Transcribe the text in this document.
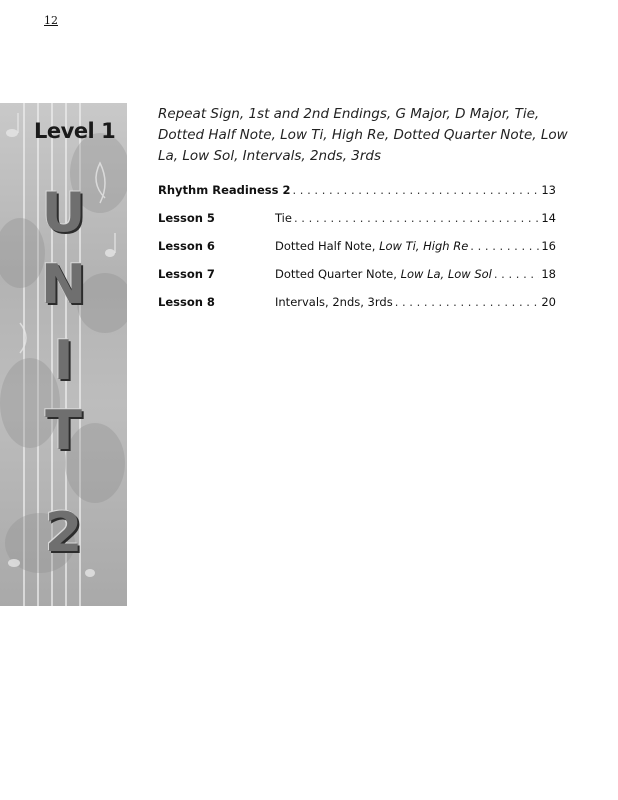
12
Level 1
U
N
I
T
2
Repeat Sign, 1st and 2nd Endings, G Major, D Major, Tie, Dotted Half Note, Low Ti, High Re, Dotted Quarter Note, Low La, Low Sol, Intervals, 2nds, 3rds
Rhythm Readiness 2 . . .	13
Lesson 5	Tie . . .	14
Lesson 6	Dotted Half Note, Low Ti, High Re . . .	16
Lesson 7	Dotted Quarter Note, Low La, Low Sol . . .	18
Lesson 8	Intervals, 2nds, 3rds . . .	20
